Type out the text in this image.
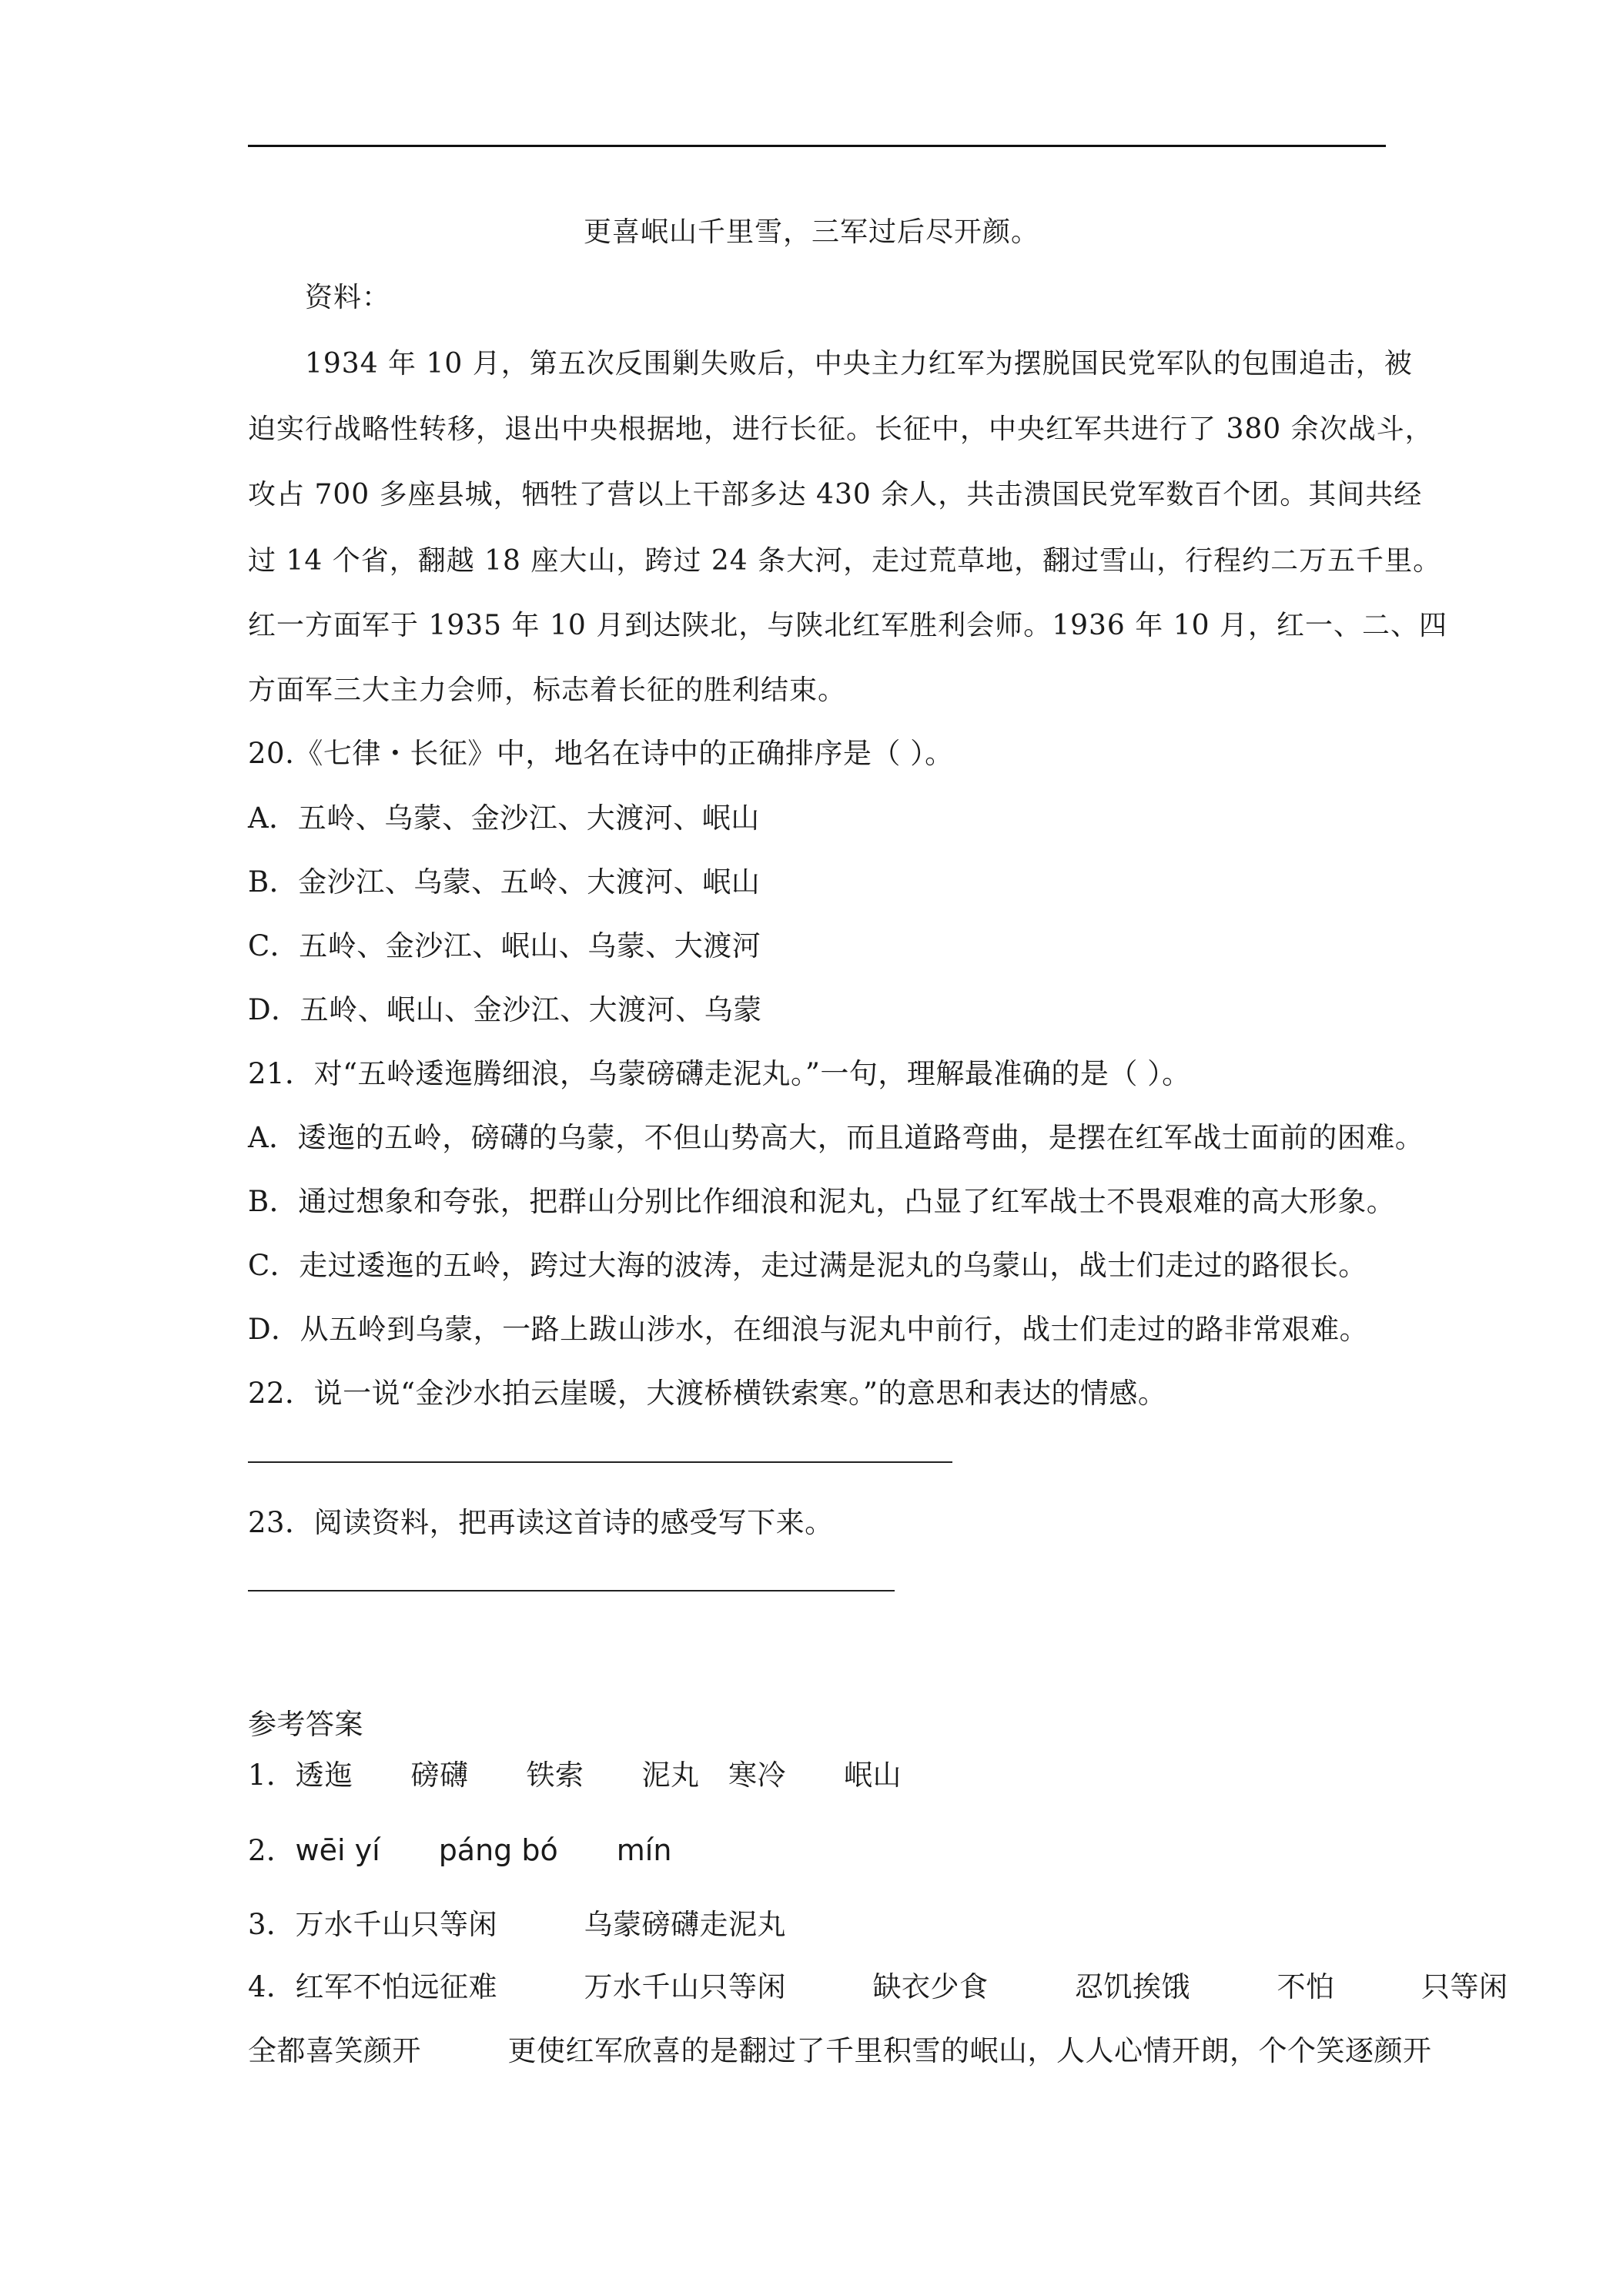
更喜岷山千里雪，三军过后尽开颜。
资料：
1934 年 10 月，第五次反围剿失败后，中央主力红军为摆脱国民党军队的包围追击，被
迫实行战略性转移，退出中央根据地，进行长征。长征中，中央红军共进行了 380 余次战斗，
攻占 700 多座县城，牺牲了营以上干部多达 430 余人，共击溃国民党军数百个团。其间共经
过 14 个省，翻越 18 座大山，跨过 24 条大河，走过荒草地，翻过雪山，行程约二万五千里。
红一方面军于 1935 年 10 月到达陕北，与陕北红军胜利会师。1936 年 10 月，红一、二、四
方面军三大主力会师，标志着长征的胜利结束。
20.《七律・长征》中，地名在诗中的正确排序是（ ）。
A．五岭、乌蒙、金沙江、大渡河、岷山
B．金沙江、乌蒙、五岭、大渡河、岷山
C．五岭、金沙江、岷山、乌蒙、大渡河
D．五岭、岷山、金沙江、大渡河、乌蒙
21．对“五岭逶迤腾细浪，乌蒙磅礴走泥丸。”一句，理解最准确的是（ ）。
A．逶迤的五岭，磅礴的乌蒙，不但山势高大，而且道路弯曲，是摆在红军战士面前的困难。
B．通过想象和夸张，把群山分别比作细浪和泥丸，凸显了红军战士不畏艰难的高大形象。
C．走过逶迤的五岭，跨过大海的波涛，走过满是泥丸的乌蒙山，战士们走过的路很长。
D．从五岭到乌蒙，一路上跋山涉水，在细浪与泥丸中前行，战士们走过的路非常艰难。
22．说一说“金沙水拍云崖暖，大渡桥横铁索寒。”的意思和表达的情感。
23．阅读资料，把再读这首诗的感受写下来。
参考答案
1．透迤　　磅礴　　铁索　　泥丸　寒冷　　岷山
2．wēi yí　　páng bó　　mín
3．万水千山只等闲　　　乌蒙磅礴走泥丸
4．红军不怕远征难　　　万水千山只等闲　　　缺衣少食　　　忍饥挨饿　　　不怕　　　只等闲
全都喜笑颜开　　　更使红军欣喜的是翻过了千里积雪的岷山，人人心情开朗，个个笑逐颜开
